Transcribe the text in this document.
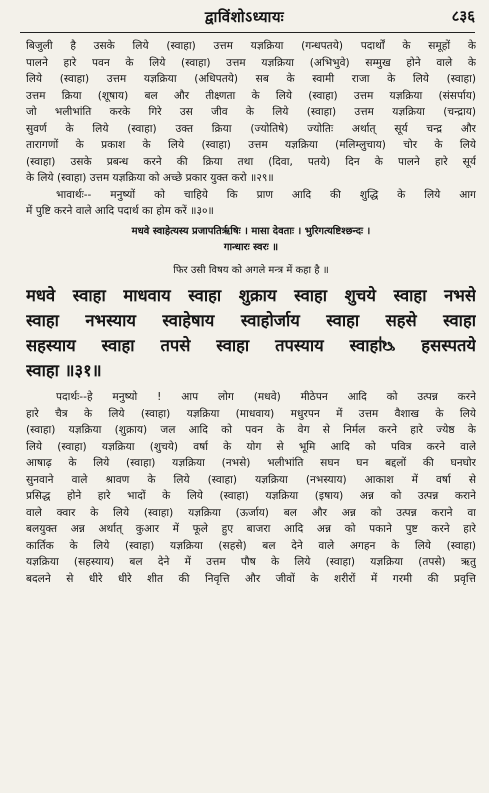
द्वाविंशोऽध्यायः	८३६
बिजुली है उसके लिये (स्वाहा) उत्तम यज्ञक्रिया (गन्धपतये) पदार्थों के समूहों के
पालने हारे पवन के लिये (स्वाहा) उत्तम यज्ञक्रिया (अभिभुवे) सम्मुख होने वाले के
लिये (स्वाहा) उत्तम यज्ञक्रिया (अधिपतये) सब के स्वामी राजा के लिये (स्वाहा)
उत्तम क्रिया (शूषाय) बल और तीक्ष्णता के लिये (स्वाहा) उत्तम यज्ञक्रिया (संसर्पाय)
जो भलीभांति करके गिरे उस जीव के लिये (स्वाहा) उत्तम यज्ञक्रिया (चन्द्राय)
सुवर्ण के लिये (स्वाहा) उक्त क्रिया (ज्योतिषे) ज्योतिः अर्थात् सूर्य चन्द्र और
तारागणों के प्रकाश के लिये (स्वाहा) उत्तम यज्ञक्रिया (मलिम्लुचाय) चोर के लिये
(स्वाहा) उसके प्रबन्ध करने की क्रिया तथा (दिवा, पतये) दिन के पालने हारे सूर्य
के लिये (स्वाहा) उत्तम यज्ञक्रिया को अच्छे प्रकार युक्त करो ॥२९॥
भावार्थः-- मनुष्यों को चाहिये कि प्राण आदि की शुद्धि के लिये आग
में पुष्टि करने वाले आदि पदार्थ का होम करें ॥३०॥
मधवे स्वाहेत्यस्य प्रजापतिर्ऋषिः । मासा देवताः । भुरिगत्यष्टिश्छन्दः ।
गान्धारः स्वरः ॥
फिर उसी विषय को अगले मन्त्र में कहा है ॥
मधवे स्वाहा माधवाय स्वाहा शुक्राय स्वाहा शुचये स्वाहा नभसे
स्वाहा नभस्याय स्वाहेषाय स्वाहोर्जाय स्वाहा सहसे स्वाहा
सहस्याय स्वाहा तपसे स्वाहा तपस्याय स्वाहा॑ᳬ हसस्पतये
स्वाहा ॥३१॥
पदार्थः--हे मनुष्यो ! आप लोग (मधवे) मीठेपन आदि को उत्पन्न करने
हारे चैत्र के लिये (स्वाहा) यज्ञक्रिया (माधवाय) मधुरपन में उत्तम वैशाख के लिये
(स्वाहा) यज्ञक्रिया (शुक्राय) जल आदि को पवन के वेग से निर्मल करने हारे ज्येष्ठ के
लिये (स्वाहा) यज्ञक्रिया (शुचये) वर्षा के योग से भूमि आदि को पवित्र करने वाले
आषाढ़ के लिये (स्वाहा) यज्ञक्रिया (नभसे) भलीभांति सघन घन बद्दलों की घनघोर
सुनवाने वाले श्रावण के लिये (स्वाहा) यज्ञक्रिया (नभस्याय) आकाश में वर्षा से
प्रसिद्ध होने हारे भादों के लिये (स्वाहा) यज्ञक्रिया (इषाय) अन्न को उत्पन्न कराने
वाले क्वार के लिये (स्वाहा) यज्ञक्रिया (ऊर्जाय) बल और अन्न को उत्पन्न कराने वा
बलयुक्त अन्न अर्थात् कुआर में फूले हुए बाजरा आदि अन्न को पकाने पुष्ट करने हारे
कार्तिक के लिये (स्वाहा) यज्ञक्रिया (सहसे) बल देने वाले अगहन के लिये (स्वाहा)
यज्ञक्रिया (सहस्याय) बल देने में उत्तम पौष के लिये (स्वाहा) यज्ञक्रिया (तपसे) ऋतु
बदलने से धीरे धीरे शीत की निवृत्ति और जीवों के शरीरों में गरमी की प्रवृत्ति
